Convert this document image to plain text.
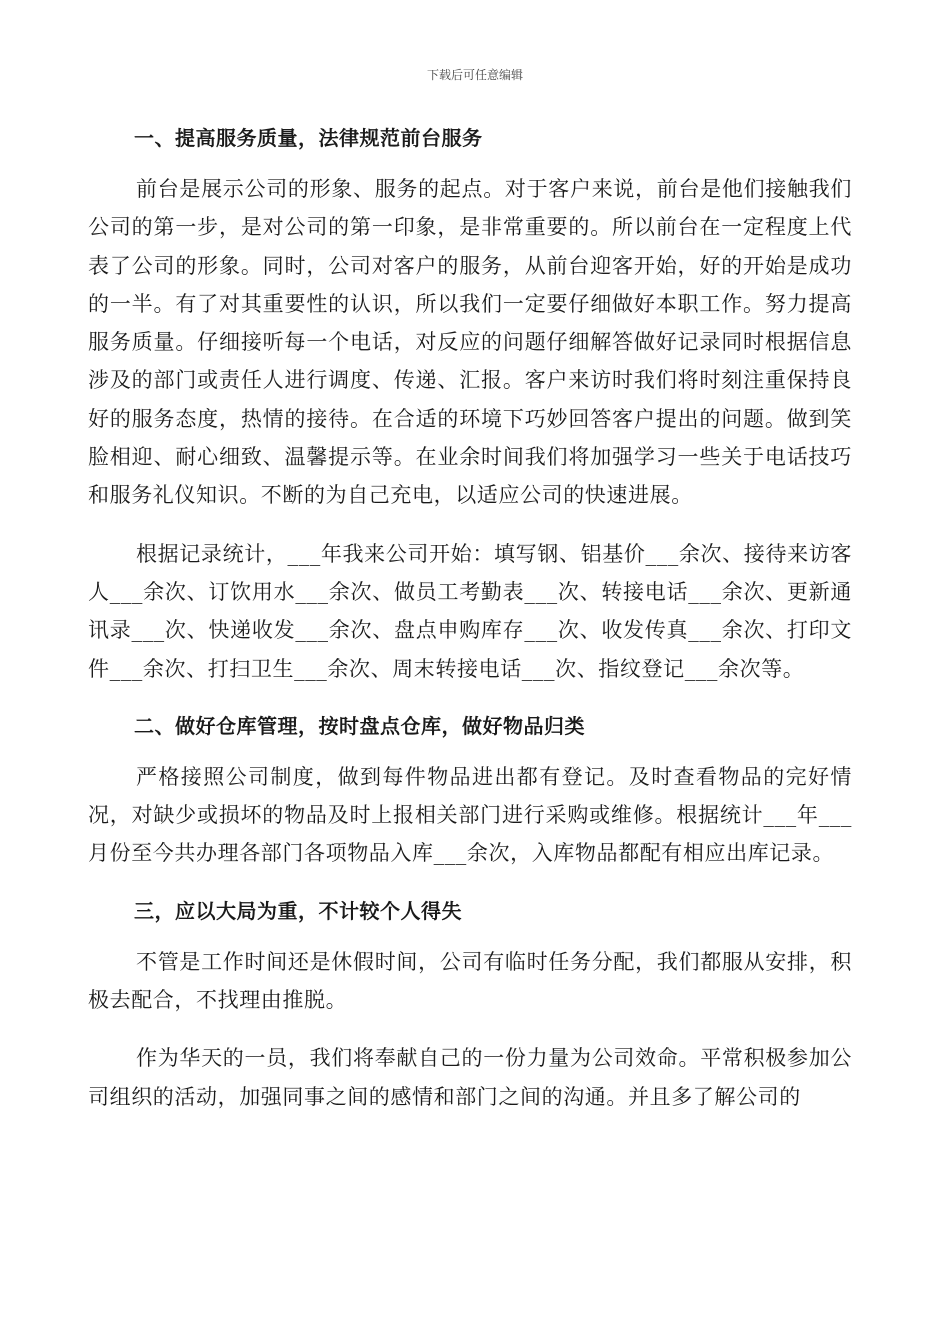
下载后可任意编辑

一、提高服务质量，法律规范前台服务

前台是展示公司的形象、服务的起点。对于客户来说，前台是他们接触我们公司的第一步，是对公司的第一印象，是非常重要的。所以前台在一定程度上代表了公司的形象。同时，公司对客户的服务，从前台迎客开始，好的开始是成功的一半。有了对其重要性的认识，所以我们一定要仔细做好本职工作。努力提高服务质量。仔细接听每一个电话，对反应的问题仔细解答做好记录同时根据信息涉及的部门或责任人进行调度、传递、汇报。客户来访时我们将时刻注重保持良好的服务态度，热情的接待。在合适的环境下巧妙回答客户提出的问题。做到笑脸相迎、耐心细致、温馨提示等。在业余时间我们将加强学习一些关于电话技巧和服务礼仪知识。不断的为自己充电，以适应公司的快速进展。

根据记录统计，___年我来公司开始：填写钢、铝基价___余次、接待来访客人___余次、订饮用水___余次、做员工考勤表___次、转接电话___余次、更新通讯录___次、快递收发___余次、盘点申购库存___次、收发传真___余次、打印文件___余次、打扫卫生___余次、周末转接电话___次、指纹登记___余次等。

二、做好仓库管理，按时盘点仓库，做好物品归类

严格接照公司制度，做到每件物品进出都有登记。及时查看物品的完好情况，对缺少或损坏的物品及时上报相关部门进行采购或维修。根据统计___年___月份至今共办理各部门各项物品入库___余次，入库物品都配有相应出库记录。

三，应以大局为重，不计较个人得失

不管是工作时间还是休假时间，公司有临时任务分配，我们都服从安排，积极去配合，不找理由推脱。

作为华天的一员，我们将奉献自己的一份力量为公司效命。平常积极参加公司组织的活动，加强同事之间的感情和部门之间的沟通。并且多了解公司的
